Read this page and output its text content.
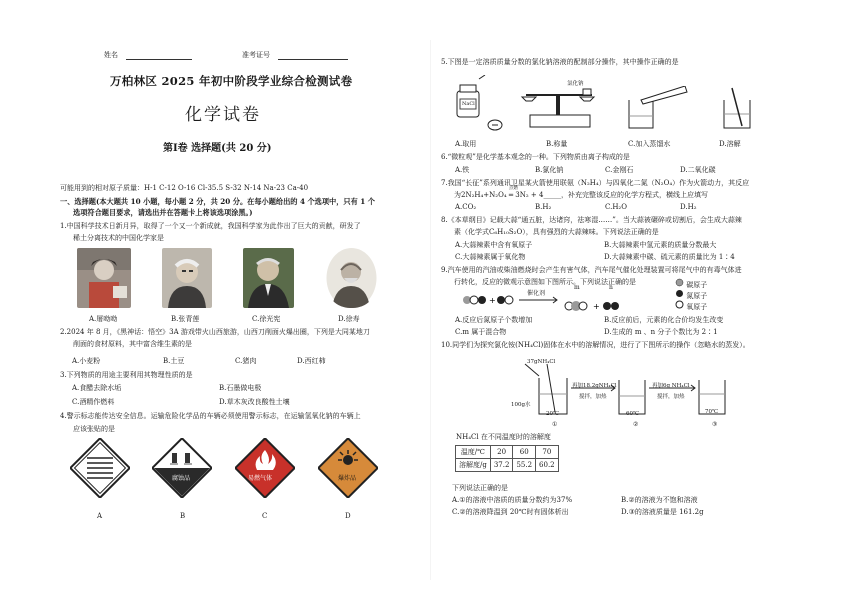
姓名	准考证号
万柏林区 2025 年初中阶段学业综合检测试卷
化学试卷
第Ⅰ卷 选择题(共 20 分)
可能用到的相对原子质量：H-1 C-12 O-16 Cl-35.5 S-32 N-14 Na-23 Ca-40
一、选择题(本大题共 10 小题，每小题 2 分，共 20 分。在每小题给出的 4 个选项中，只有 1 个
选项符合题目要求，请选出并在答题卡上将该选项涂黑。)
1.中国科学技术日新月异，取得了一个又一个新成就，我国科学家为此作出了巨大的贡献，研发了
稀土分离技术的中国化学家是
A.屠呦呦	B.张青莲	C.徐光宪	D.徐寿
2.2024 年 8 月，《黑神话：悟空》3A 游戏带火山西旅游，山西刀削面火爆出圈，下列是大同某地刀
削面的食材原料，其中富含维生素的是
A.小麦粉	B.土豆	C.猪肉	D.西红柿
3.下列物质的用途主要利用其物理性质的是
A.食醋去除水垢	B.石墨做电极
C.酒精作燃料	D.草木灰改良酸性土壤
4.警示标志能传达安全信息。运输危险化学品的车辆必须使用警示标志，在运输氢氧化钠的车辆上
应该张贴的是
腐蚀品	易燃气体	爆炸品
A	B	C	D
5.下图是一定溶质质量分数的氯化钠溶液的配制部分操作，其中操作正确的是
NaCl
氯化钠
A.取用	B.称量	C.加入蒸馏水	D.溶解
6.“微粒观”是化学基本观念的一种。下列物质由离子构成的是
A.铁	B.氯化钠	C.金刚石	D.二氧化碳
7.我国“长征”系列通讯卫星某火箭使用联氨（N₂H₄）与四氧化二氮（N₂O₄）作为火箭动力，其反应
为2N₂H₄+N₂O₄ ═ 3N₂ + 4_____，补充完整该反应的化学方程式，横线上应填写
点燃
A.CO₂	B.H₂	C.H₂O	D.H₂
8.《本草纲目》记载大蒜“通五脏，达诸窍，祛寒湿……”。当大蒜被碾碎或切割后，会生成大蒜辣
素（化学式C₆H₁₀S₂O），具有强烈的大蒜辣味。下列说法正确的是
A.大蒜辣素中含有氧原子	B.大蒜辣素中氢元素的质量分数最大
C.大蒜辣素属于氧化物	D.大蒜辣素中碳、硫元素的质量比为 1∶4
9.汽车使用的汽油或柴油燃烧时会产生有害气体，汽车尾气催化处理装置可将尾气中的有毒气体进
行转化，反应的微观示意图如下图所示。下列说法正确的是
+
+
催化剂
m	n	碳原子
氮原子
氧原子
A.反应后氮原子个数增加	B.反应前后，元素的化合价均发生改变
C.m 属于混合物	D.生成的 m 、n 分子个数比为 2∶1
10.同学们为探究氯化铵(NH₄Cl)固体在水中的溶解情况，进行了下图所示的操作（忽略水的蒸发）。
37gNH₄Cl
100g水
20℃
再加18.2gNH₄Cl
搅拌，加热
60℃
再加6g NH₄Cl
搅拌，加热
70℃
①	②	③
NH₄Cl 在不同温度时的溶解度
温度/℃	20	60	70
溶解度/g	37.2	55.2	60.2
下列说法正确的是
A.①的溶液中溶质的质量分数约为37%	B.②的溶液为不饱和溶液
C.②的溶液降温到 20℃时有固体析出	D.③的溶液质量是 161.2g
